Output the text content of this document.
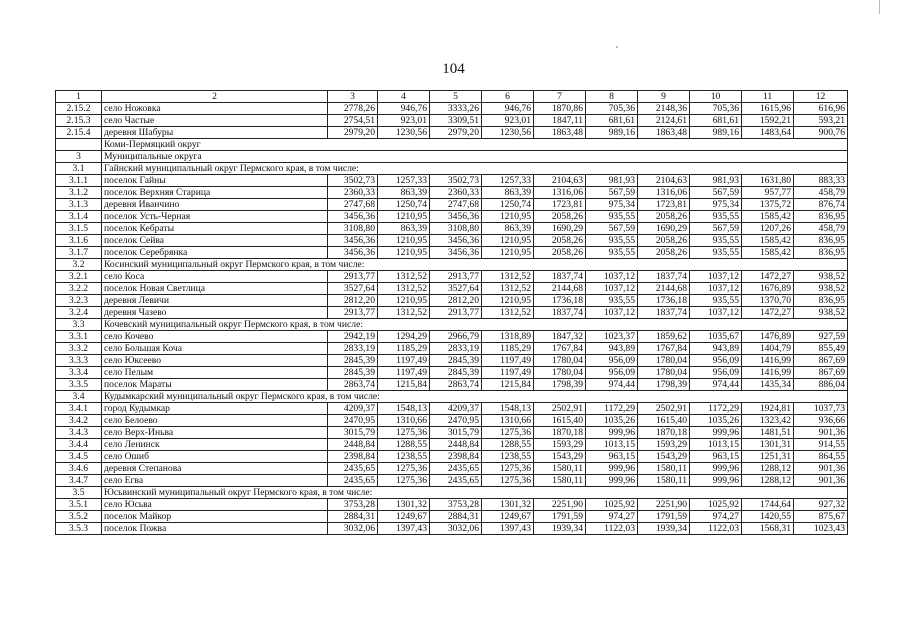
104
1	2	3	4	5	6	7	8	9	10	11	12
2.15.2	село Ножовка	2778,26	946,76	3333,26	946,76	1870,86	705,36	2148,36	705,36	1615,96	616,96
2.15.3	село Частые	2754,51	923,01	3309,51	923,01	1847,11	681,61	2124,61	681,61	1592,21	593,21
2.15.4	деревня Шабуры	2979,20	1230,56	2979,20	1230,56	1863,48	989,16	1863,48	989,16	1483,64	900,76
	Коми-Пермяцкий округ										
3	Муниципальные округа										
3.1	Гайнский муниципальный округ Пермского края, в том числе:										
3.1.1	поселок Гайны	3502,73	1257,33	3502,73	1257,33	2104,63	981,93	2104,63	981,93	1631,80	883,33
3.1.2	поселок Верхняя Старица	2360,33	863,39	2360,33	863,39	1316,06	567,59	1316,06	567,59	957,77	458,79
3.1.3	деревня Иванчино	2747,68	1250,74	2747,68	1250,74	1723,81	975,34	1723,81	975,34	1375,72	876,74
3.1.4	поселок Усть-Черная	3456,36	1210,95	3456,36	1210,95	2058,26	935,55	2058,26	935,55	1585,42	836,95
3.1.5	поселок Кебраты	3108,80	863,39	3108,80	863,39	1690,29	567,59	1690,29	567,59	1207,26	458,79
3.1.6	поселок Сейва	3456,36	1210,95	3456,36	1210,95	2058,26	935,55	2058,26	935,55	1585,42	836,95
3.1.7	поселок Серебрянка	3456,36	1210,95	3456,36	1210,95	2058,26	935,55	2058,26	935,55	1585,42	836,95
3.2	Косинский муниципальный округ Пермского края, в том числе:										
3.2.1	село Коса	2913,77	1312,52	2913,77	1312,52	1837,74	1037,12	1837,74	1037,12	1472,27	938,52
3.2.2	поселок Новая Светлица	3527,64	1312,52	3527,64	1312,52	2144,68	1037,12	2144,68	1037,12	1676,89	938,52
3.2.3	деревня Левичи	2812,20	1210,95	2812,20	1210,95	1736,18	935,55	1736,18	935,55	1370,70	836,95
3.2.4	деревня Чазево	2913,77	1312,52	2913,77	1312,52	1837,74	1037,12	1837,74	1037,12	1472,27	938,52
3.3	Кочевский муниципальный округ Пермского края, в том числе:										
3.3.1	село Кочево	2942,19	1294,29	2966,79	1318,89	1847,32	1023,37	1859,62	1035,67	1476,89	927,59
3.3.2	село Большая Коча	2833,19	1185,29	2833,19	1185,29	1767,84	943,89	1767,84	943,89	1404,79	855,49
3.3.3	село Юксеево	2845,39	1197,49	2845,39	1197,49	1780,04	956,09	1780,04	956,09	1416,99	867,69
3.3.4	село Пелым	2845,39	1197,49	2845,39	1197,49	1780,04	956,09	1780,04	956,09	1416,99	867,69
3.3.5	поселок Мараты	2863,74	1215,84	2863,74	1215,84	1798,39	974,44	1798,39	974,44	1435,34	886,04
3.4	Кудымкарский муниципальный округ Пермского края, в том числе:										
3.4.1	город Кудымкар	4209,37	1548,13	4209,37	1548,13	2502,91	1172,29	2502,91	1172,29	1924,81	1037,73
3.4.2	село Белоево	2470,95	1310,66	2470,95	1310,66	1615,40	1035,26	1615,40	1035,26	1323,42	936,66
3.4.3	село Верх-Иньва	3015,79	1275,36	3015,79	1275,36	1870,18	999,96	1870,18	999,96	1481,51	901,36
3.4.4	село Ленинск	2448,84	1288,55	2448,84	1288,55	1593,29	1013,15	1593,29	1013,15	1301,31	914,55
3.4.5	село Ошиб	2398,84	1238,55	2398,84	1238,55	1543,29	963,15	1543,29	963,15	1251,31	864,55
3.4.6	деревня Степанова	2435,65	1275,36	2435,65	1275,36	1580,11	999,96	1580,11	999,96	1288,12	901,36
3.4.7	село Егва	2435,65	1275,36	2435,65	1275,36	1580,11	999,96	1580,11	999,96	1288,12	901,36
3.5	Юсьвинский муниципальный округ Пермского края, в том числе:										
3.5.1	село Юсьва	3753,28	1301,32	3753,28	1301,32	2251,90	1025,92	2251,90	1025,92	1744,64	927,32
3.5.2	поселок Майкор	2884,31	1249,67	2884,31	1249,67	1791,59	974,27	1791,59	974,27	1420,55	875,67
3.5.3	поселок Пожва	3032,06	1397,43	3032,06	1397,43	1939,34	1122,03	1939,34	1122,03	1568,31	1023,43
